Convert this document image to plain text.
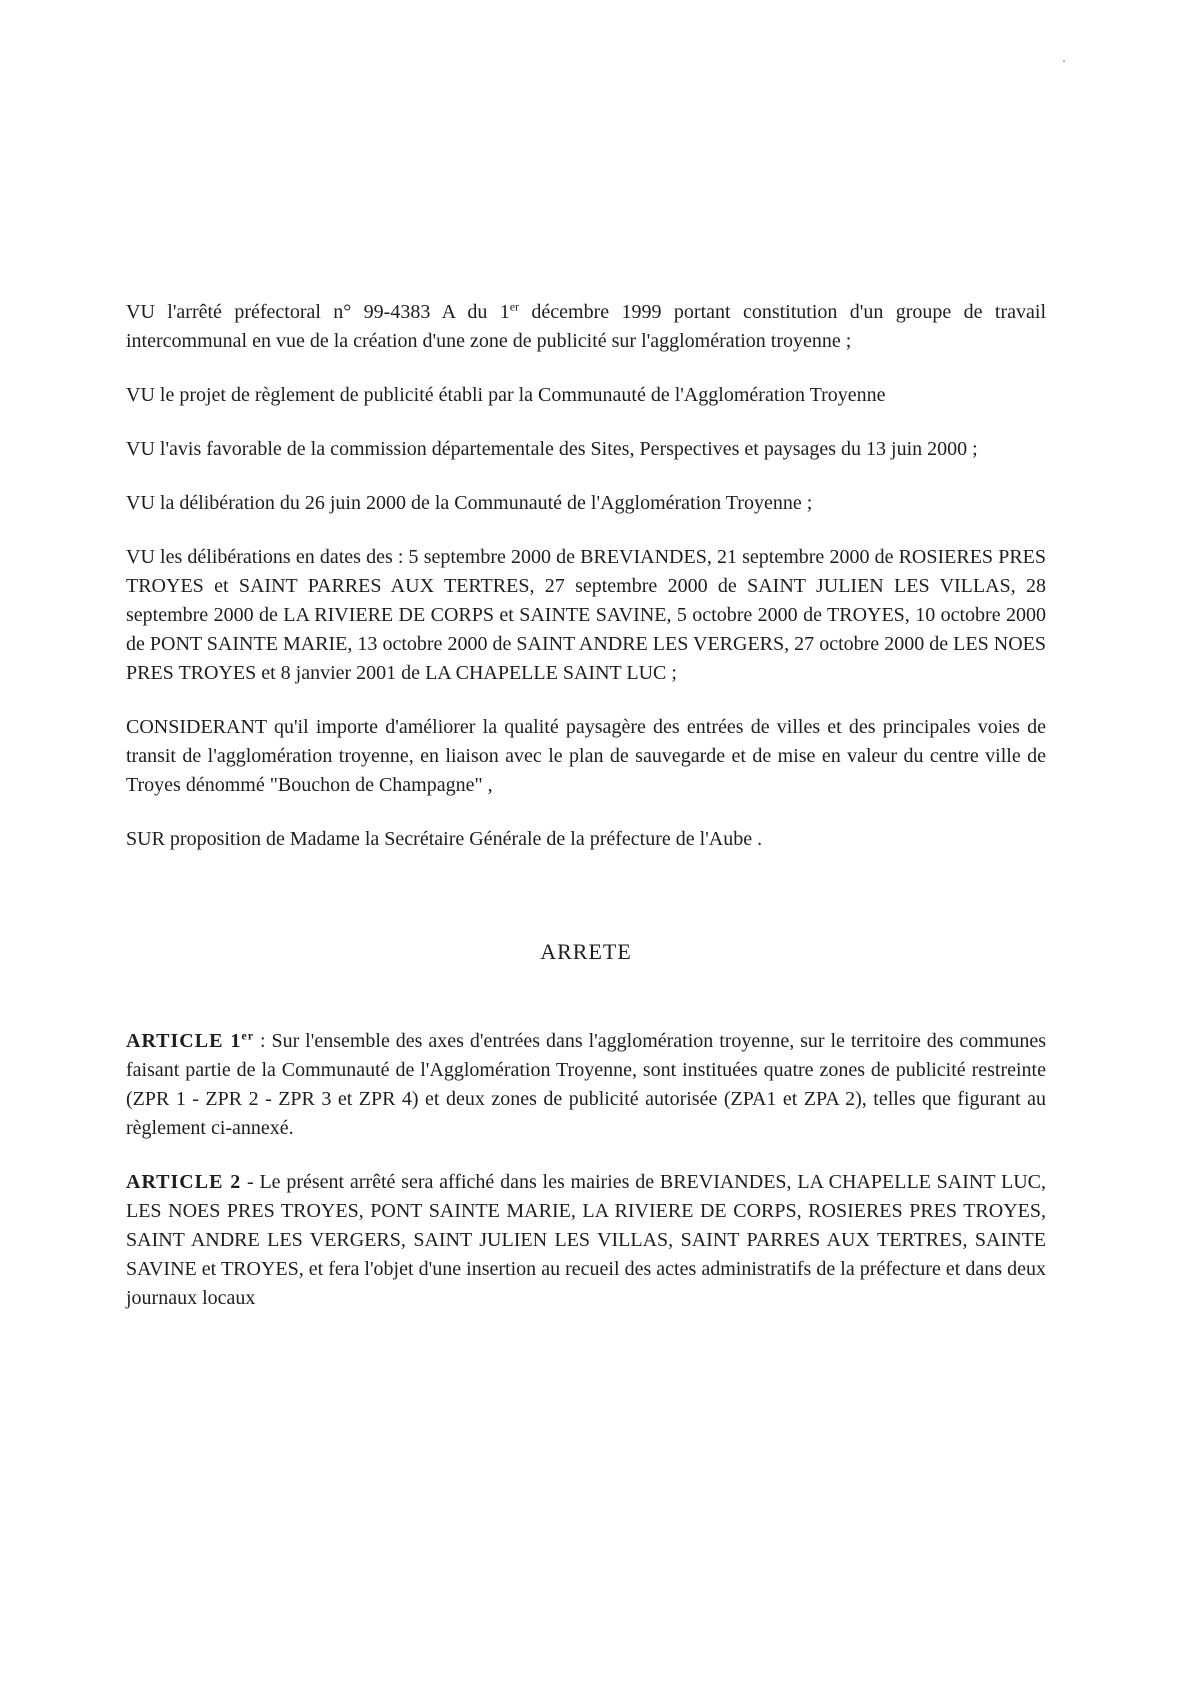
VU l'arrêté préfectoral n° 99-4383 A du 1er décembre 1999 portant constitution d'un groupe de travail intercommunal en vue de la création d'une zone de publicité sur l'agglomération troyenne ;

VU le projet de règlement de publicité établi par la Communauté de l'Agglomération Troyenne

VU l'avis favorable de la commission départementale des Sites, Perspectives et paysages du 13 juin 2000 ;

VU la délibération du 26 juin 2000 de la Communauté de l'Agglomération Troyenne ;

VU les délibérations en dates des : 5 septembre 2000 de BREVIANDES, 21 septembre 2000 de ROSIERES PRES TROYES et SAINT PARRES AUX TERTRES, 27 septembre 2000 de SAINT JULIEN LES VILLAS, 28 septembre 2000 de LA RIVIERE DE CORPS et SAINTE SAVINE, 5 octobre 2000 de TROYES, 10 octobre 2000 de PONT SAINTE MARIE, 13 octobre 2000 de SAINT ANDRE LES VERGERS, 27 octobre 2000 de LES NOES PRES TROYES et 8 janvier 2001 de LA CHAPELLE SAINT LUC ;

CONSIDERANT qu'il importe d'améliorer la qualité paysagère des entrées de villes et des principales voies de transit de l'agglomération troyenne, en liaison avec le plan de sauvegarde et de mise en valeur du centre ville de Troyes dénommé "Bouchon de Champagne" ,

SUR proposition de Madame la Secrétaire Générale de la préfecture de l'Aube .

ARRETE

ARTICLE 1er : Sur l'ensemble des axes d'entrées dans l'agglomération troyenne, sur le territoire des communes faisant partie de la Communauté de l'Agglomération Troyenne, sont instituées quatre zones de publicité restreinte (ZPR 1 - ZPR 2 - ZPR 3 et ZPR 4) et deux zones de publicité autorisée (ZPA1 et ZPA 2), telles que figurant au règlement ci-annexé.

ARTICLE 2 - Le présent arrêté sera affiché dans les mairies de BREVIANDES, LA CHAPELLE SAINT LUC, LES NOES PRES TROYES, PONT SAINTE MARIE, LA RIVIERE DE CORPS, ROSIERES PRES TROYES, SAINT ANDRE LES VERGERS, SAINT JULIEN LES VILLAS, SAINT PARRES AUX TERTRES, SAINTE SAVINE et TROYES, et fera l'objet d'une insertion au recueil des actes administratifs de la préfecture et dans deux journaux locaux
